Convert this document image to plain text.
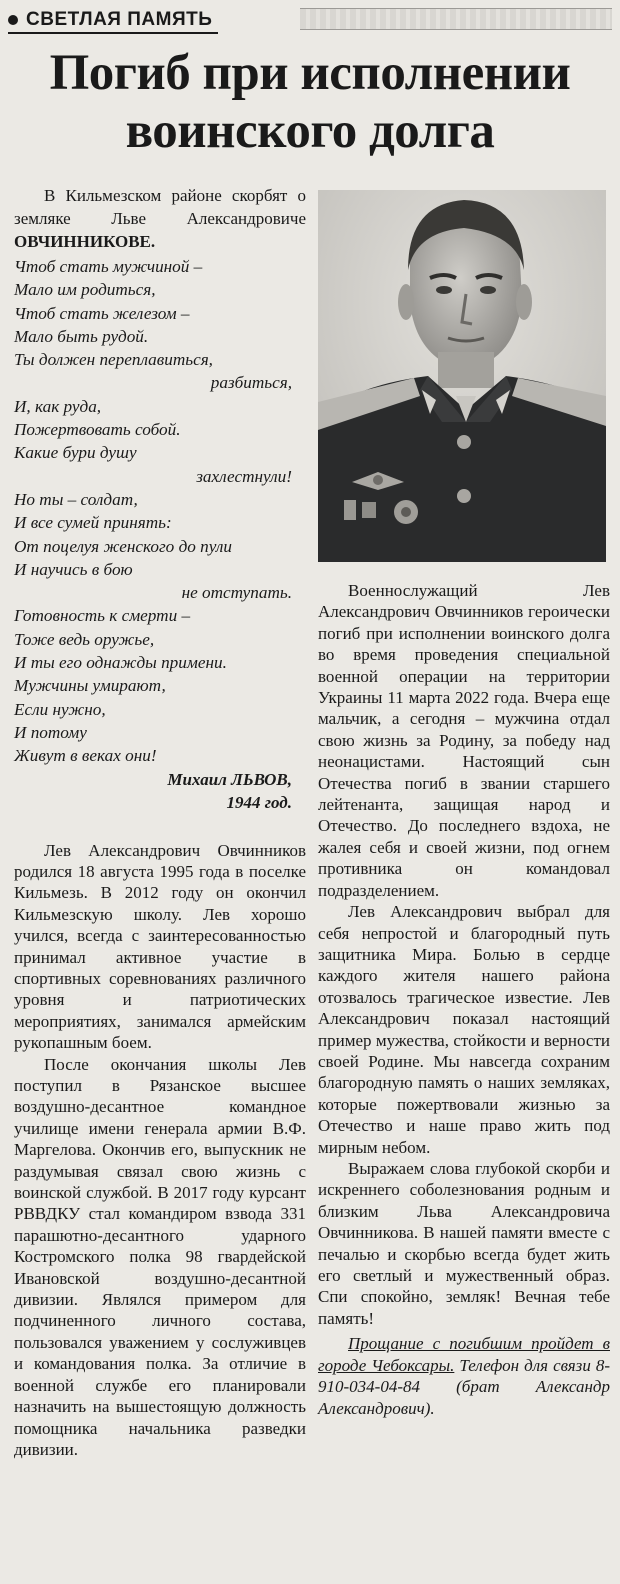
СВЕТЛАЯ ПАМЯТЬ
Погиб при исполнении
воинского долга

В Кильмезском районе скорбят о земляке Льве Александровиче ОВЧИННИКОВЕ.

Чтоб стать мужчиной –
Мало им родиться,
Чтоб стать железом –
Мало быть рудой.
Ты должен переплавиться,
разбиться,
И, как руда,
Пожертвовать собой.
Какие бури душу
захлестнули!
Но ты – солдат,
И все сумей принять:
От поцелуя женского до пули
И научись в бою
не отступать.
Готовность к смерти –
Тоже ведь оружье,
И ты его однажды примени.
Мужчины умирают,
Если нужно,
И потому
Живут в веках они!
Михаил ЛЬВОВ,
1944 год.

Лев Александрович Овчинников родился 18 августа 1995 года в поселке Кильмезь. В 2012 году он окончил Кильмезскую школу. Лев хорошо учился, всегда с заинтересованностью принимал активное участие в спортивных соревнованиях различного уровня и патриотических мероприятиях, занимался армейским рукопашным боем.

После окончания школы Лев поступил в Рязанское высшее воздушно-десантное командное училище имени генерала армии В.Ф. Маргелова. Окончив его, выпускник не раздумывая связал свою жизнь с воинской службой. В 2017 году курсант РВВДКУ стал командиром взвода 331 парашютно-десантного ударного Костромского полка 98 гвардейской Ивановской воздушно-десантной дивизии. Являлся примером для подчиненного личного состава, пользовался уважением у сослуживцев и командования полка. За отличие в военной службе его планировали назначить на вышестоящую должность помощника начальника разведки дивизии.

Военнослужащий Лев Александрович Овчинников героически погиб при исполнении воинского долга во время проведения специальной военной операции на территории Украины 11 марта 2022 года. Вчера еще мальчик, а сегодня – мужчина отдал свою жизнь за Родину, за победу над неонацистами. Настоящий сын Отечества погиб в звании старшего лейтенанта, защищая народ и Отечество. До последнего вздоха, не жалея себя и своей жизни, под огнем противника он командовал подразделением.

Лев Александрович выбрал для себя непростой и благородный путь защитника Мира. Болью в сердце каждого жителя нашего района отозвалось трагическое известие. Лев Александрович показал настоящий пример мужества, стойкости и верности своей Родине. Мы навсегда сохраним благородную память о наших земляках, которые пожертвовали жизнью за Отечество и наше право жить под мирным небом.

Выражаем слова глубокой скорби и искреннего соболезнования родным и близким Льва Александровича Овчинникова. В нашей памяти вместе с печалью и скорбью всегда будет жить его светлый и мужественный образ. Спи спокойно, земляк! Вечная тебе память!

Прощание с погибшим пройдет в городе Чебоксары. Телефон для связи 8-910-034-04-84 (брат Александр Александрович).
